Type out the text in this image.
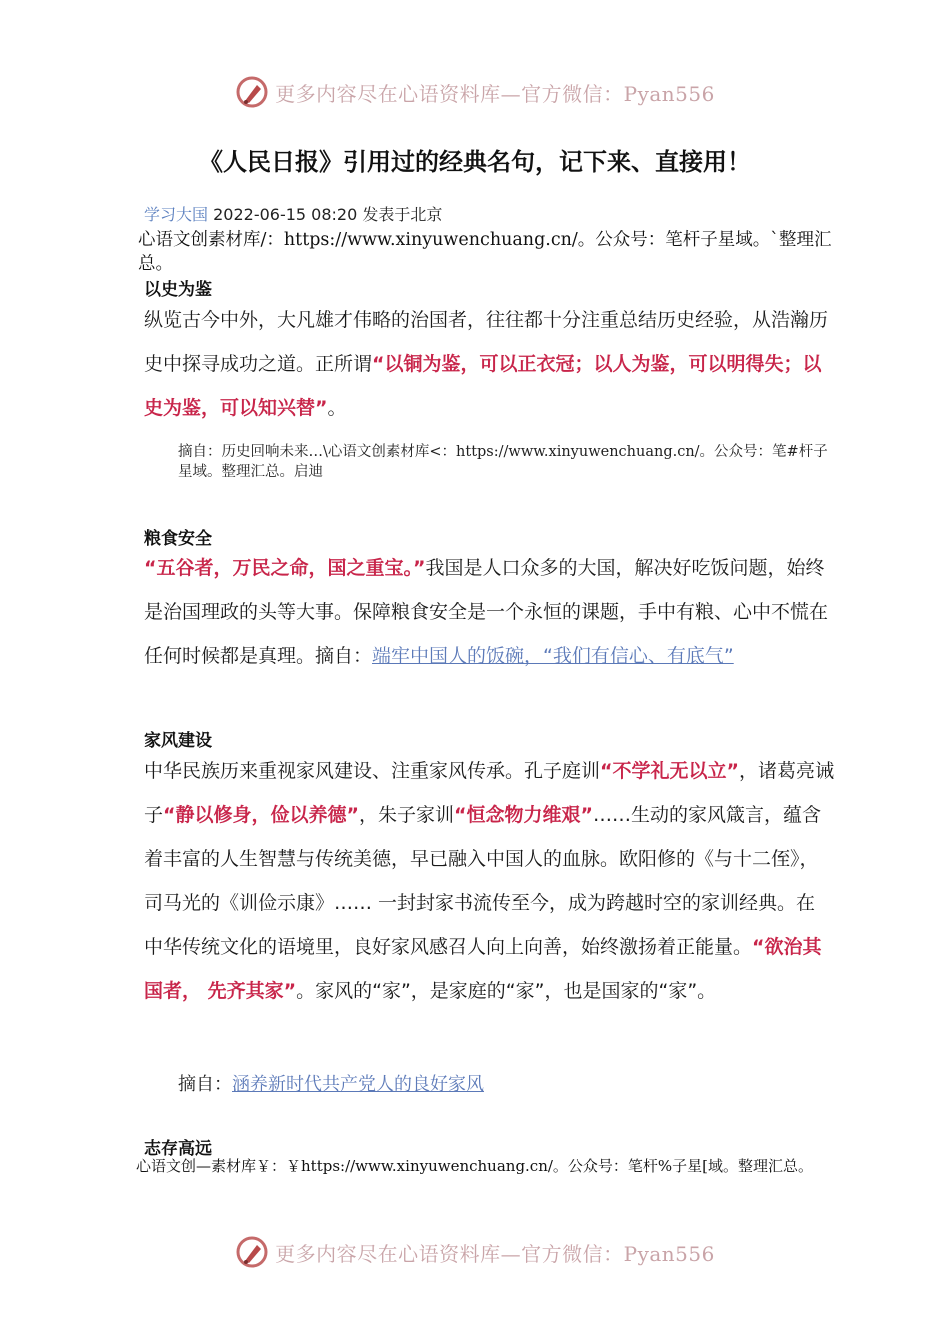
更多内容尽在心语资料库—官方微信：Pyan556
《人民日报》引用过的经典名句，记下来、直接用！
学习大国 2022-06-15 08:20 发表于北京
心语文创素材库/：https://www.xinyuwenchuang.cn/。公众号：笔杆子星域。`整理汇总。
以史为鉴
纵览古今中外，大凡雄才伟略的治国者，往往都十分注重总结历史经验，从浩瀚历史中探寻成功之道。正所谓“以铜为鉴，可以正衣冠；以人为鉴，可以明得失；以史为鉴，可以知兴替”。
摘自：历史回响未来…\心语文创素材库<：https://www.xinyuwenchuang.cn/。公众号：笔#杆子星域。整理汇总。启迪
粮食安全
“五谷者，万民之命，国之重宝。”我国是人口众多的大国，解决好吃饭问题，始终是治国理政的头等大事。保障粮食安全是一个永恒的课题，手中有粮、心中不慌在任何时候都是真理。摘自：端牢中国人的饭碗，“我们有信心、有底气”
家风建设
中华民族历来重视家风建设、注重家风传承。孔子庭训“不学礼无以立”，诸葛亮诫子“静以修身，俭以养德”，朱子家训“恒念物力维艰”……生动的家风箴言，蕴含着丰富的人生智慧与传统美德，早已融入中国人的血脉。欧阳修的《与十二侄》，司马光的《训俭示康》…… 一封封家书流传至今，成为跨越时空的家训经典。在中华传统文化的语境里，良好家风感召人向上向善，始终激扬着正能量。“欲治其国者， 先齐其家”。家风的“家”，是家庭的“家”，也是国家的“家”。
摘自：涵养新时代共产党人的良好家风
志存高远
心语文创—素材库￥：￥https://www.xinyuwenchuang.cn/。公众号：笔杆%子星[域。整理汇总。
更多内容尽在心语资料库—官方微信：Pyan556
